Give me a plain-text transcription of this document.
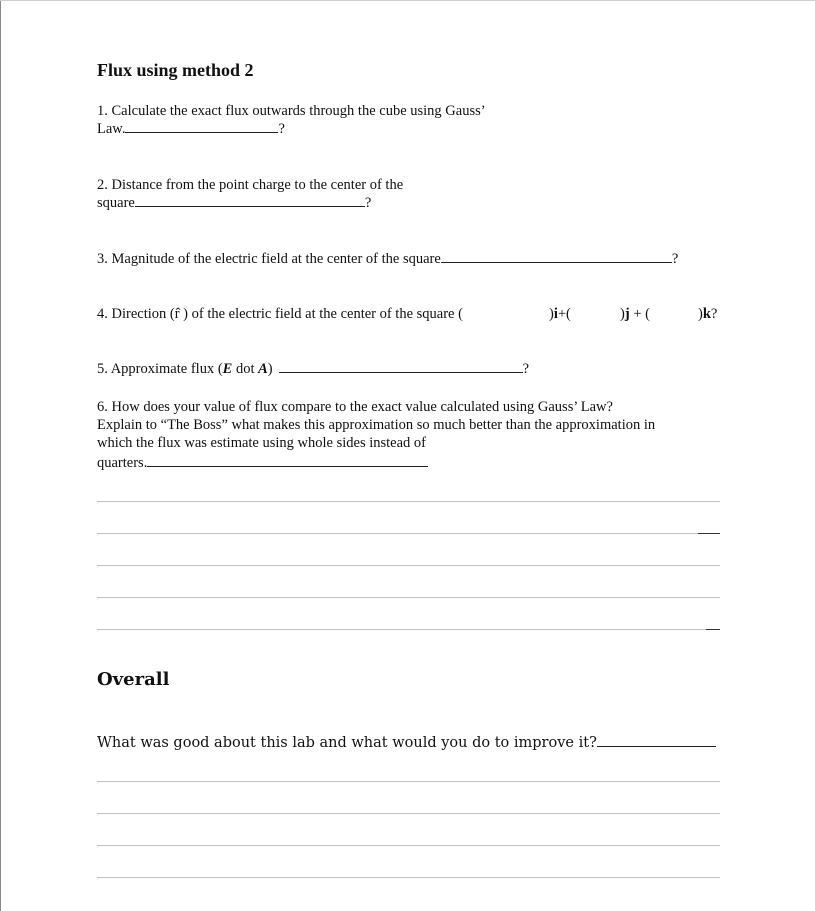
Flux using method 2
1. Calculate the exact flux outwards through the cube using Gauss’
Law.	?
2. Distance from the point charge to the center of the
square	?
3. Magnitude of the electric field at the center of the square	?
4. Direction (r̂ ) of the electric field at the center of the square (	)i+(	)j + (	)k?
5. Approximate flux (E dot A)	?
6. How does your value of flux compare to the exact value calculated using Gauss’ Law?
Explain to “The Boss” what makes this approximation so much better than the approximation in
which the flux was estimate using whole sides instead of
quarters.
Overall
What was good about this lab and what would you do to improve it?
